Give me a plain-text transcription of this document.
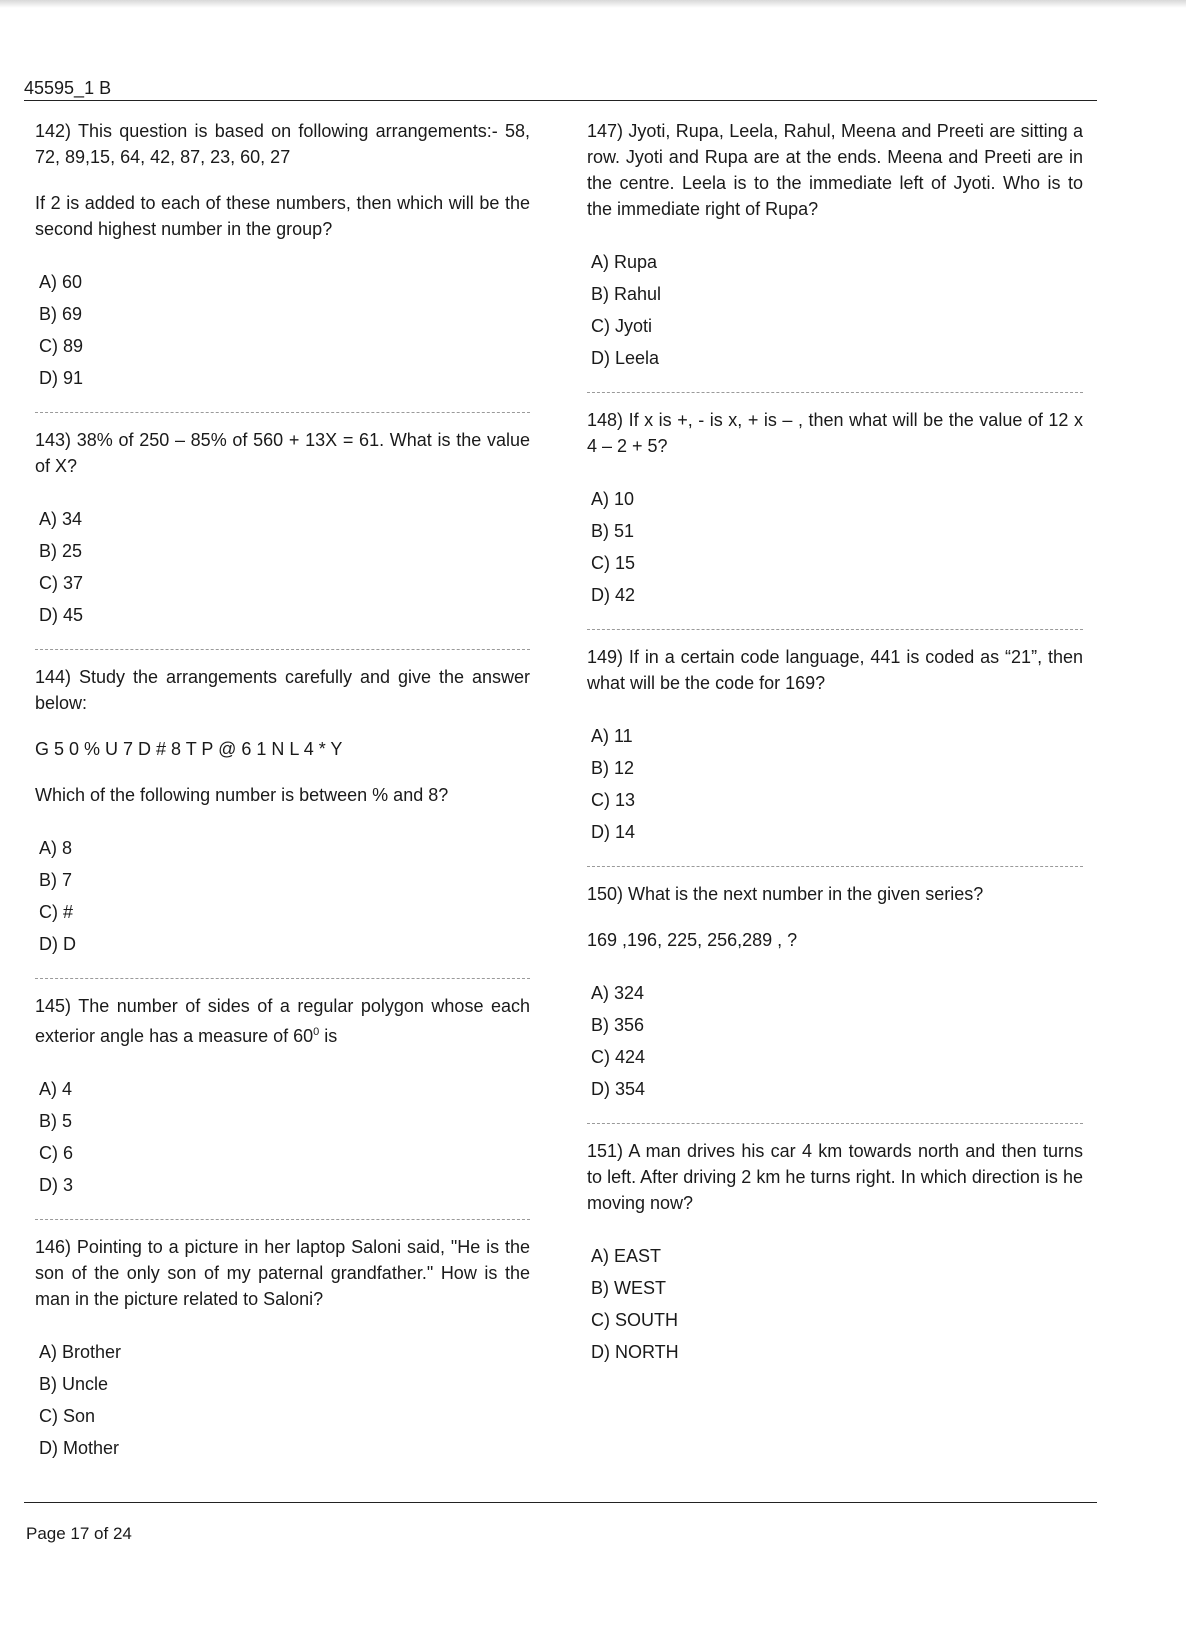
45595_1 B

142) This question is based on following arrangements:- 58, 72, 89,15, 64, 42, 87, 23, 60, 27

If 2 is added to each of these numbers, then which will be the second highest number in the group?

A) 60
B) 69
C) 89
D) 91

143) 38% of 250 – 85% of 560 + 13X = 61. What is the value of X?

A) 34
B) 25
C) 37
D) 45

144) Study the arrangements carefully and give the answer below:

G 5 0 % U 7 D # 8 T P @ 6 1 N L 4 * Y

Which of the following number is between % and 8?

A) 8
B) 7
C) #
D) D

145) The number of sides of a regular polygon whose each exterior angle has a measure of $60^0$ is

A) 4
B) 5
C) 6
D) 3

146) Pointing to a picture in her laptop Saloni said, "He is the son of the only son of my paternal grandfather." How is the man in the picture related to Saloni?

A) Brother
B) Uncle
C) Son
D) Mother

147) Jyoti, Rupa, Leela, Rahul, Meena and Preeti are sitting a row. Jyoti and Rupa are at the ends. Meena and Preeti are in the centre. Leela is to the immediate left of Jyoti. Who is to the immediate right of Rupa?

A) Rupa
B) Rahul
C) Jyoti
D) Leela

148) If x is +, - is x, + is – , then what will be the value of 12 x 4 – 2 + 5?

A) 10
B) 51
C) 15
D) 42

149) If in a certain code language, 441 is coded as “21”, then what will be the code for 169?

A) 11
B) 12
C) 13
D) 14

150) What is the next number in the given series?

169 ,196, 225, 256,289 , ?

A) 324
B) 356
C) 424
D) 354

151) A man drives his car 4 km towards north and then turns to left. After driving 2 km he turns right. In which direction is he moving now?

A) EAST
B) WEST
C) SOUTH
D) NORTH
Page 17 of 24
